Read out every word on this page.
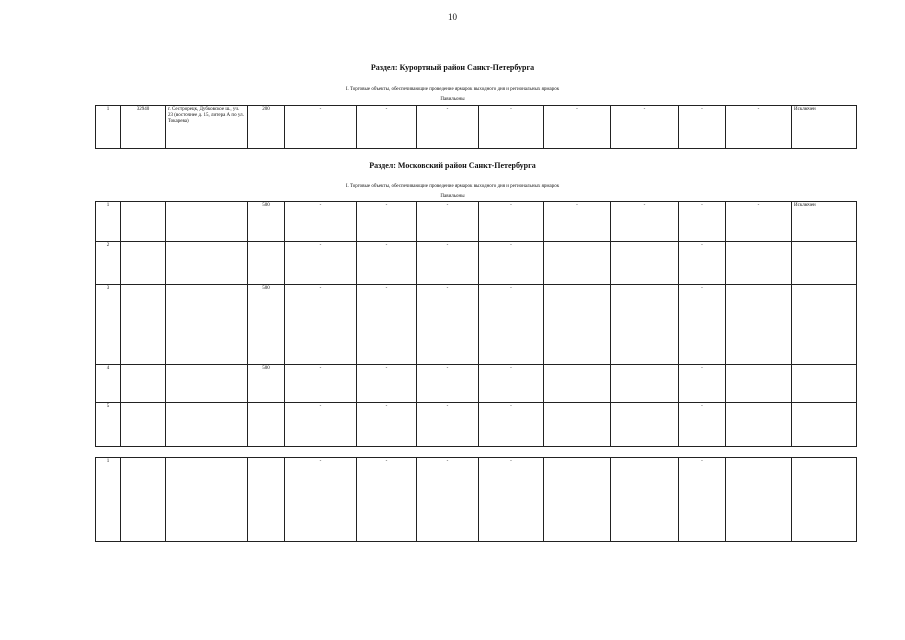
10
Раздел: Курортный район Санкт-Петербурга
I. Торговые объекты, обеспечивающие проведение ярмарок выходного дня и региональных ярмарок
Павильоны
1	32940	г. Сестрорецк, Дубковское ш., уч. 23 (восточнее д. 15, литера А по ул. Токарева)	200	-	-	-	-	-	-	-	-	Исключен
Раздел: Московский район Санкт-Петербурга
I. Торговые объекты, обеспечивающие проведение ярмарок выходного дня и региональных ярмарок
Павильоны
1			500	-	-	-	-	-	-	-	-	Исключен
2				-	-	-	-			-		
3			500	-	-	-	-			-		
4			500	-	-	-	-			-		
5				-	-	-	-			-		
1				-	-	-	-			-		
